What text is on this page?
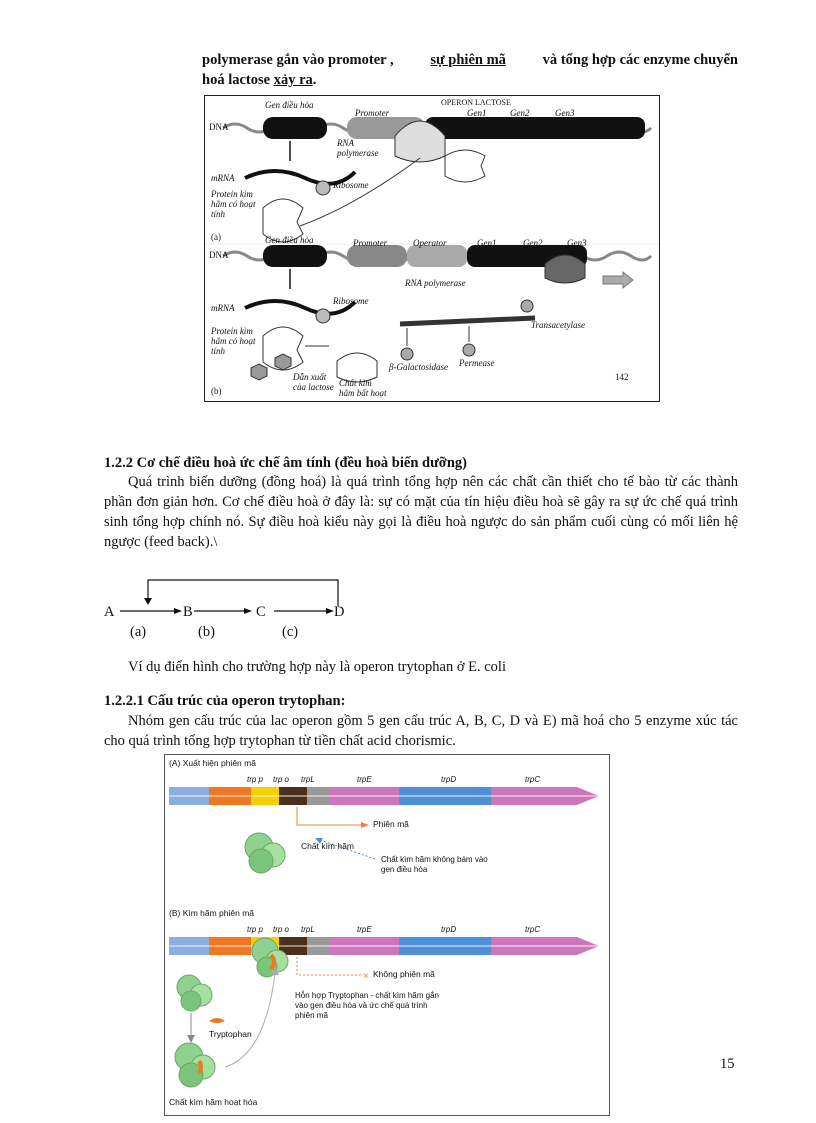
polymerase gắn vào promoter ,	sự phiên mã	và tổng hợp các enzyme chuyển
hoá lactose xảy ra.
Gen điều hòa	OPERON LACTOSE
Promoter	Gen1	Gen2	Gen3
DNA
RNA polymerase
mRNA
Ribosome
Protein kìm hãm có hoạt tính
(a)	Gen điều hòa	Promoter	Operator	Gen1	Gen2	Gen3
DNA
RNA polymerase
mRNA
Ribosome
Protein kìm hãm có hoạt tính
Dẫn xuất của lactose Chất kìm hãm bất hoạt
Transacetylase
Permease
β-Galactosidase
(b)
142
1.2.2 Cơ chế điều hoà ức chế âm tính (đều hoà biến dưỡng)
Quá trình biến dưỡng (đồng hoá) là quá trình tổng hợp nên các chất cần thiết cho tế bào từ các thành phần đơn giản hơn. Cơ chế điều hoà ở đây là: sự có mặt của tín hiệu điều hoà sẽ gây ra sự ức chế quá trình sinh tổng hợp chính nó. Sự điều hoà kiểu này gọi là điều hoà ngược do sản phẩm cuối cùng có mối liên hệ ngược (feed back).\
A	B	C	D
(a)	(b)	(c)
Ví dụ điển hình cho trường hợp này là operon trytophan ở E. coli
1.2.2.1 Cấu trúc của operon trytophan:
Nhóm gen cấu trúc của lac operon gồm 5 gen cấu trúc A, B, C, D và E) mã hoá cho 5 enzyme xúc tác cho quá trình tổng hợp trytophan từ tiền chất acid chorismic.
×
(A) Xuất hiện phiên mã
trp p trp o trpL	trpE	trpD	trpC
Phiên mã
Chất kìm hãm
Chất kìm hãm không bám vào gen điều hòa
(B) Kìm hãm phiên mã
trp p trp o trpL	trpE	trpD	trpC
Không phiên mã
Hỗn hợp Tryptophan - chất kìm hãm gắn vào gen điều hòa và ức chế quá trình phiên mã
Tryptophan
Chất kìm hãm hoạt hóa
15
